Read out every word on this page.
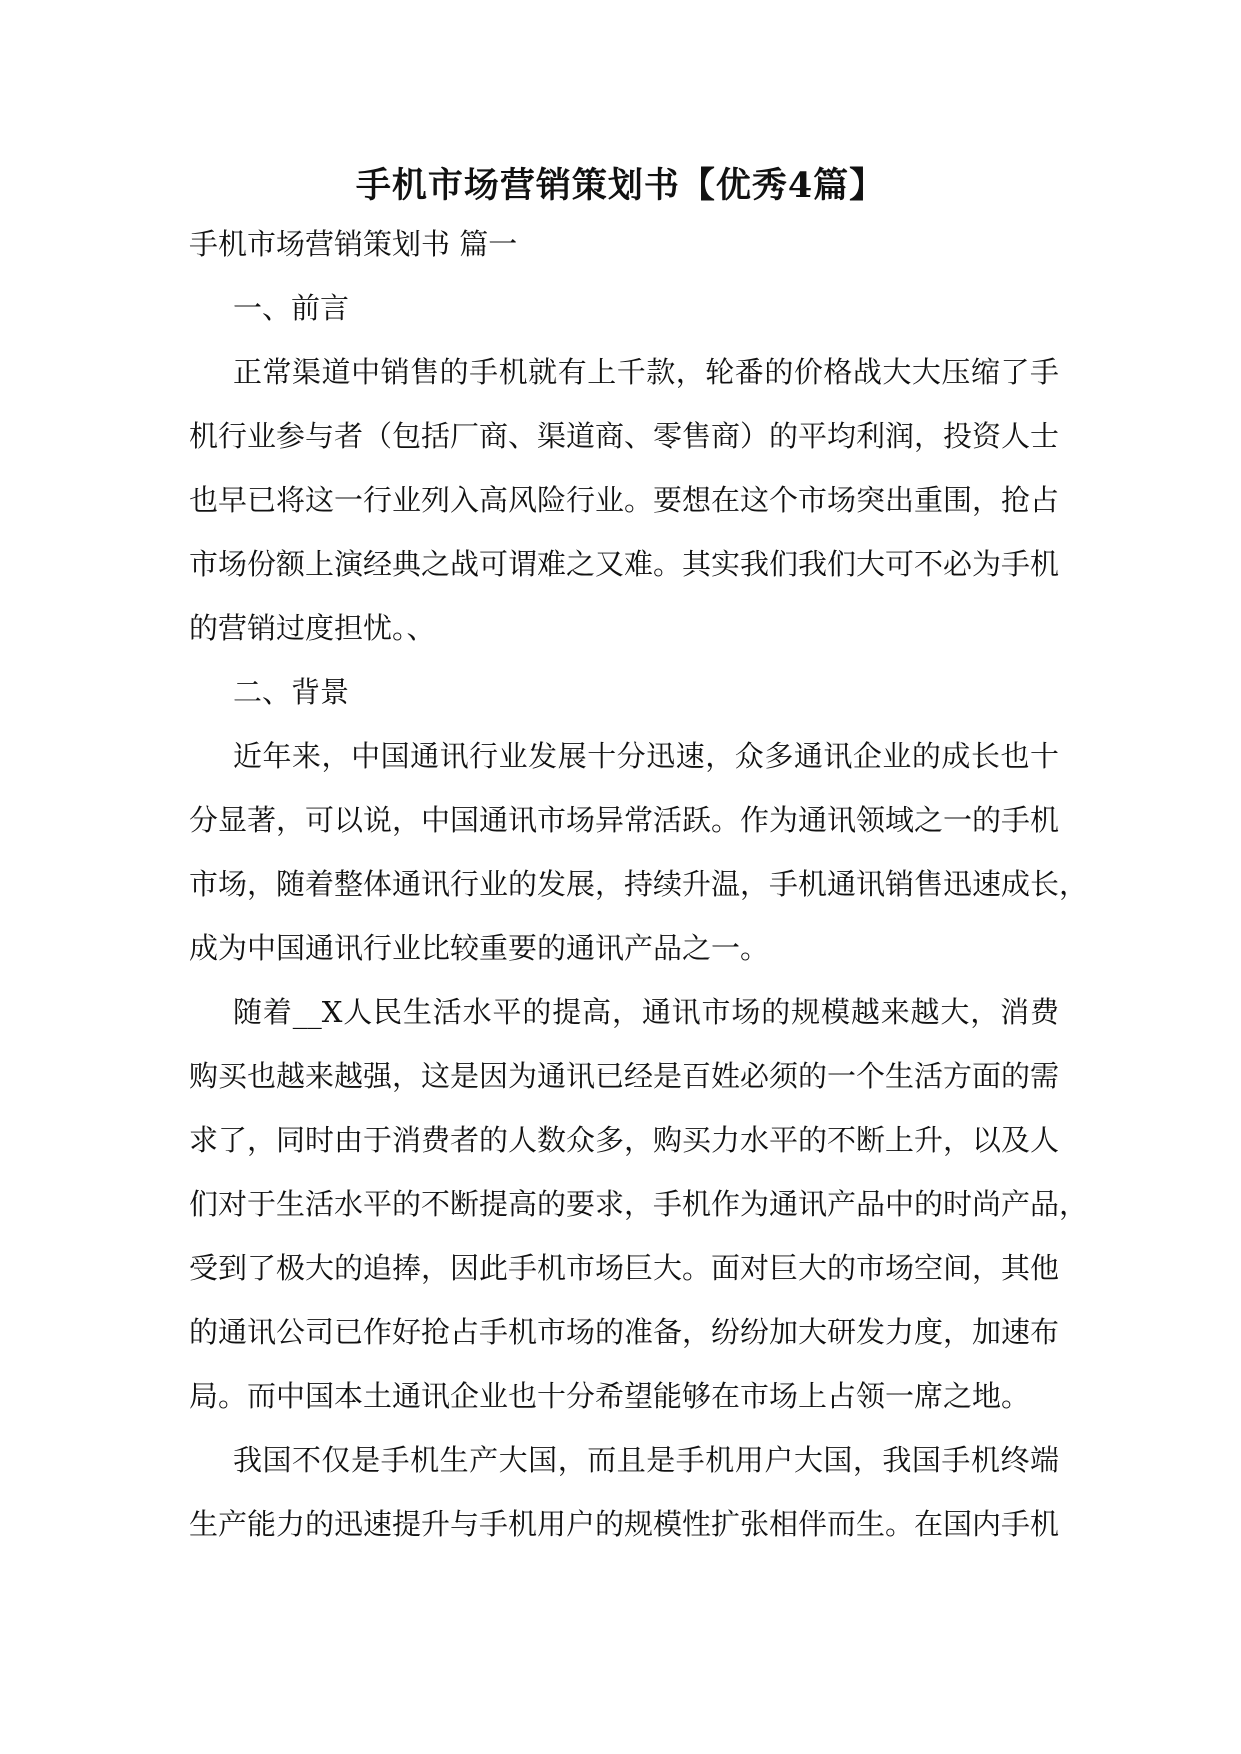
手机市场营销策划书【优秀4篇】
手机市场营销策划书 篇一
一、前言
正常渠道中销售的手机就有上千款，轮番的价格战大大压缩了手
机行业参与者（包括厂商、渠道商、零售商）的平均利润，投资人士
也早已将这一行业列入高风险行业。要想在这个市场突出重围，抢占
市场份额上演经典之战可谓难之又难。其实我们我们大可不必为手机
的营销过度担忧。、
二、背景
近年来，中国通讯行业发展十分迅速，众多通讯企业的成长也十
分显著，可以说，中国通讯市场异常活跃。作为通讯领域之一的手机
市场，随着整体通讯行业的发展，持续升温，手机通讯销售迅速成长，
成为中国通讯行业比较重要的通讯产品之一。
随着__X人民生活水平的提高，通讯市场的规模越来越大，消费
购买也越来越强，这是因为通讯已经是百姓必须的一个生活方面的需
求了，同时由于消费者的人数众多，购买力水平的不断上升，以及人
们对于生活水平的不断提高的要求，手机作为通讯产品中的时尚产品，
受到了极大的追捧，因此手机市场巨大。面对巨大的市场空间，其他
的通讯公司已作好抢占手机市场的准备，纷纷加大研发力度，加速布
局。而中国本土通讯企业也十分希望能够在市场上占领一席之地。
我国不仅是手机生产大国，而且是手机用户大国，我国手机终端
生产能力的迅速提升与手机用户的规模性扩张相伴而生。在国内手机
